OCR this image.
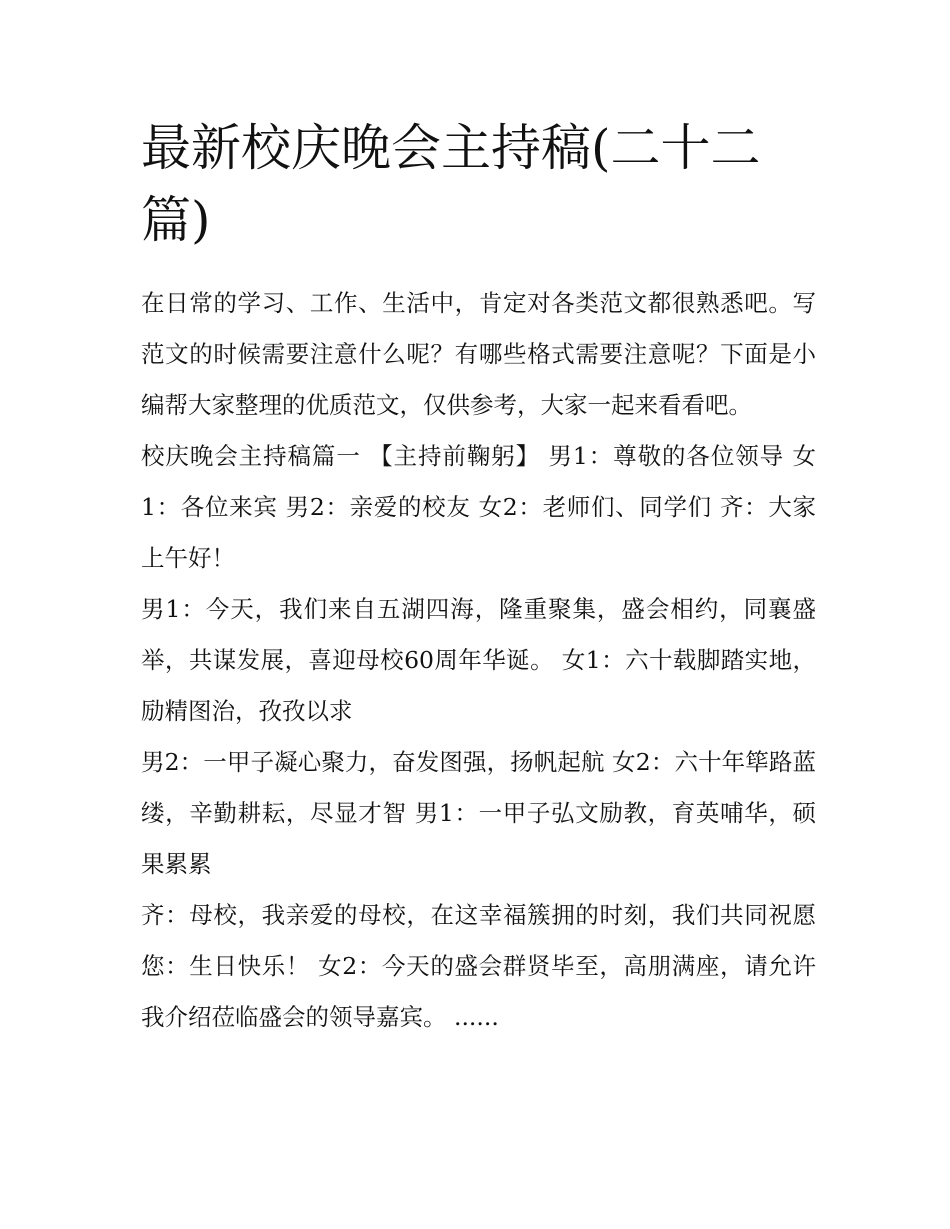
最新校庆晚会主持稿(二十二篇)

在日常的学习、工作、生活中，肯定对各类范文都很熟悉吧。写范文的时候需要注意什么呢？有哪些格式需要注意呢？下面是小编帮大家整理的优质范文，仅供参考，大家一起来看看吧。

校庆晚会主持稿篇一 【主持前鞠躬】 男1：尊敬的各位领导 女1：各位来宾 男2：亲爱的校友 女2：老师们、同学们 齐：大家上午好！

男1：今天，我们来自五湖四海，隆重聚集，盛会相约，同襄盛举，共谋发展，喜迎母校60周年华诞。 女1：六十载脚踏实地，励精图治，孜孜以求

男2：一甲子凝心聚力，奋发图强，扬帆起航 女2：六十年筚路蓝缕，辛勤耕耘，尽显才智 男1：一甲子弘文励教，育英哺华，硕果累累

齐：母校，我亲爱的母校，在这幸福簇拥的时刻，我们共同祝愿您：生日快乐！ 女2：今天的盛会群贤毕至，高朋满座，请允许我介绍莅临盛会的领导嘉宾。 ......
